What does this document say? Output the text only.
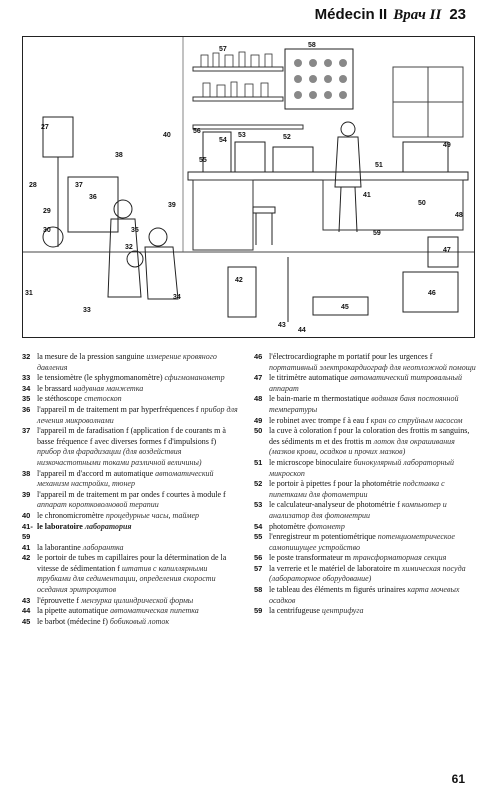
Médecin II Врач II 23
27
28
29
30
31
32
33
34
35
36
37
38
39
40
41
42
43
44
45
46
47
48
49
50
51
52
53
54
55
56
57
58
59
32 la mesure de la pression sanguine измерение кровяного давления
33 le tensiomètre (le sphygmomanomètre) сфигмоманометр
34 le brassard надувная манжетка
35 le stéthoscope стетоскоп
36 l'appareil m de traitement m par hyperfréquences f прибор для лечения микроволнами
37 l'appareil m de faradisation f (application f de courants m à basse fréquence f avec diverses formes f d'impulsions f) прибор для фарадизации (для воздействия низкочастотными токами различной величины)
38 l'appareil m d'accord m automatique автоматический механизм настройки, тюнер
39 l'appareil m de traitement m par ondes f courtes à module f аппарат коротковолновой терапии
40 le chronomicromètre процедурные часы, таймер
41-59
le laboratoire лаборатория
41 la laborantine лаборантка
42 le portoir de tubes m capillaires pour la détermination de la vitesse de sédimentation f штатив с капиллярными трубками для седиментации, определения скорости оседания эритроцитов
43 l'éprouvette f мензурка цилиндрической формы
44 la pipette automatique автоматическая пипетка
45 le barbot (médecine f) бобиковый лоток
46 l'électrocardiographe m portatif pour les urgences f портативный электрокардиограф для неотложной помощи
47 le titrimètre automatique автоматический титровальный аппарат
48 le bain-marie m thermostatique водяная баня постоянной температуры
49 le robinet avec trompe f à eau f кран со струйным насосом
50 la cuve à coloration f pour la coloration des frottis m sanguins, des sédiments m et des frottis m лоток для окрашивания (мазков крови, осадков и прочих мазков)
51 le microscope binoculaire бинокулярный лабораторный микроскоп
52 le portoir à pipettes f pour la photométrie подставка с пипетками для фотометрии
53 le calculateur-analyseur de photométrie f компьютер и анализатор для фотометрии
54 photomètre фотометр
55 l'enregistreur m potentiométrique потенциометрическое самопишущее устройство
56 le poste transformateur m трансформаторная секция
57 la verrerie et le matériel de laboratoire m химическая посуда (лабораторное оборудование)
58 le tableau des éléments m figurés urinaires карта мочевых осадков
59 la centrifugeuse центрифуга
61
